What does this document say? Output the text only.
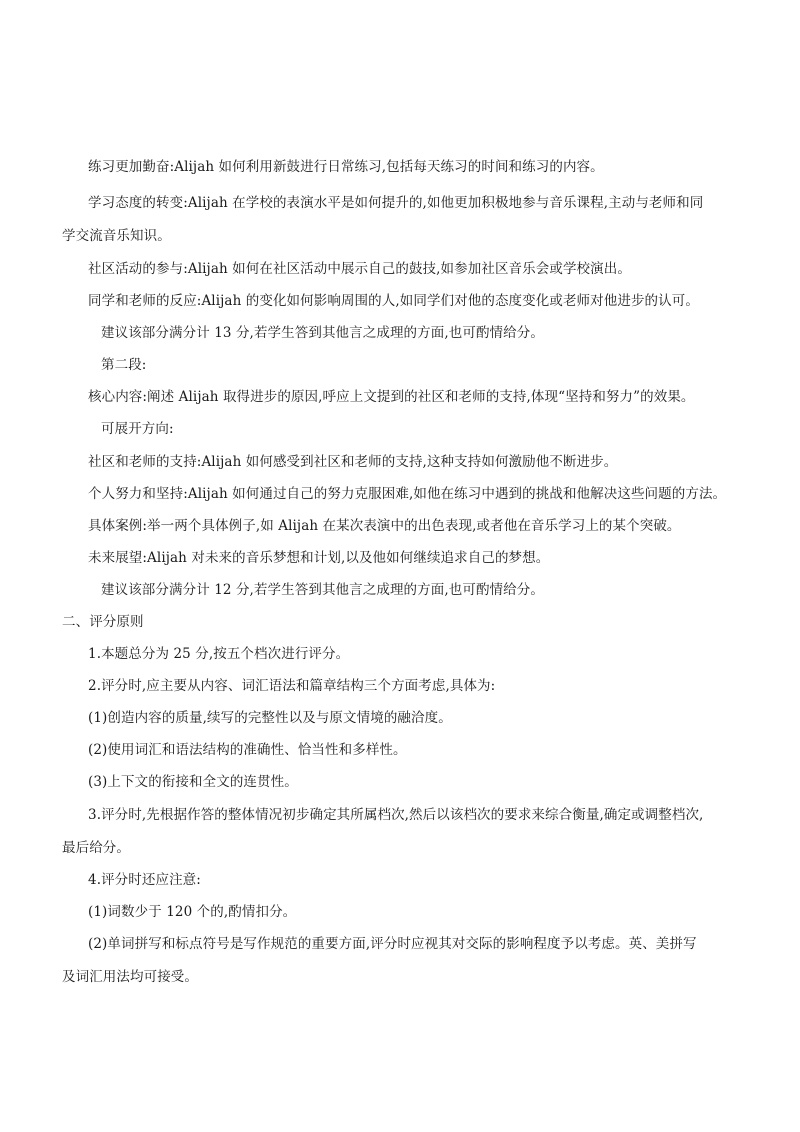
练习更加勤奋:Alijah 如何利用新鼓进行日常练习,包括每天练习的时间和练习的内容。
学习态度的转变:Alijah 在学校的表演水平是如何提升的,如他更加积极地参与音乐课程,主动与老师和同
学交流音乐知识。
社区活动的参与:Alijah 如何在社区活动中展示自己的鼓技,如参加社区音乐会或学校演出。
同学和老师的反应:Alijah 的变化如何影响周围的人,如同学们对他的态度变化或老师对他进步的认可。
建议该部分满分计 13 分,若学生答到其他言之成理的方面,也可酌情给分。
第二段:
核心内容:阐述 Alijah 取得进步的原因,呼应上文提到的社区和老师的支持,体现“坚持和努力”的效果。
可展开方向:
社区和老师的支持:Alijah 如何感受到社区和老师的支持,这种支持如何激励他不断进步。
个人努力和坚持:Alijah 如何通过自己的努力克服困难,如他在练习中遇到的挑战和他解决这些问题的方法。
具体案例:举一两个具体例子,如 Alijah 在某次表演中的出色表现,或者他在音乐学习上的某个突破。
未来展望:Alijah 对未来的音乐梦想和计划,以及他如何继续追求自己的梦想。
建议该部分满分计 12 分,若学生答到其他言之成理的方面,也可酌情给分。
二、评分原则
1.本题总分为 25 分,按五个档次进行评分。
2.评分时,应主要从内容、词汇语法和篇章结构三个方面考虑,具体为:
(1)创造内容的质量,续写的完整性以及与原文情境的融洽度。
(2)使用词汇和语法结构的准确性、恰当性和多样性。
(3)上下文的衔接和全文的连贯性。
3.评分时,先根据作答的整体情况初步确定其所属档次,然后以该档次的要求来综合衡量,确定或调整档次,
最后给分。
4.评分时还应注意:
(1)词数少于 120 个的,酌情扣分。
(2)单词拼写和标点符号是写作规范的重要方面,评分时应视其对交际的影响程度予以考虑。英、美拼写
及词汇用法均可接受。
